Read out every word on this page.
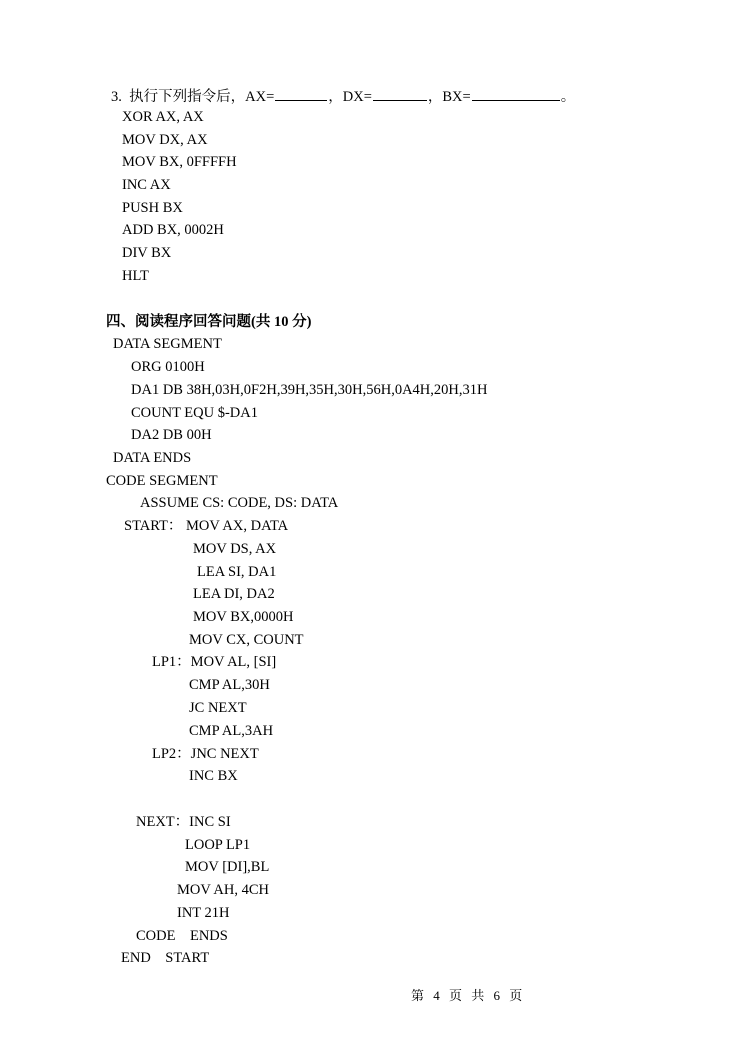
3. 执行下列指令后，AX=	，DX=	，BX=	。
XOR AX, AX
MOV DX, AX
MOV BX, 0FFFFH
INC AX
PUSH BX
ADD BX, 0002H
DIV BX
HLT
四、阅读程序回答问题(共 10 分)
DATA SEGMENT
ORG 0100H
DA1 DB 38H,03H,0F2H,39H,35H,30H,56H,0A4H,20H,31H
COUNT EQU $-DA1
DA2 DB 00H
DATA ENDS
CODE SEGMENT
ASSUME CS: CODE, DS: DATA
START： MOV AX, DATA
MOV DS, AX
LEA SI, DA1
LEA DI, DA2
MOV BX,0000H
MOV CX, COUNT
LP1：MOV AL, [SI]
CMP AL,30H
JC NEXT
CMP AL,3AH
LP2：JNC NEXT
INC BX
NEXT：INC SI
LOOP LP1
MOV [DI],BL
MOV AH, 4CH
INT 21H
CODE    ENDS
END    START
第 4 页 共 6 页
